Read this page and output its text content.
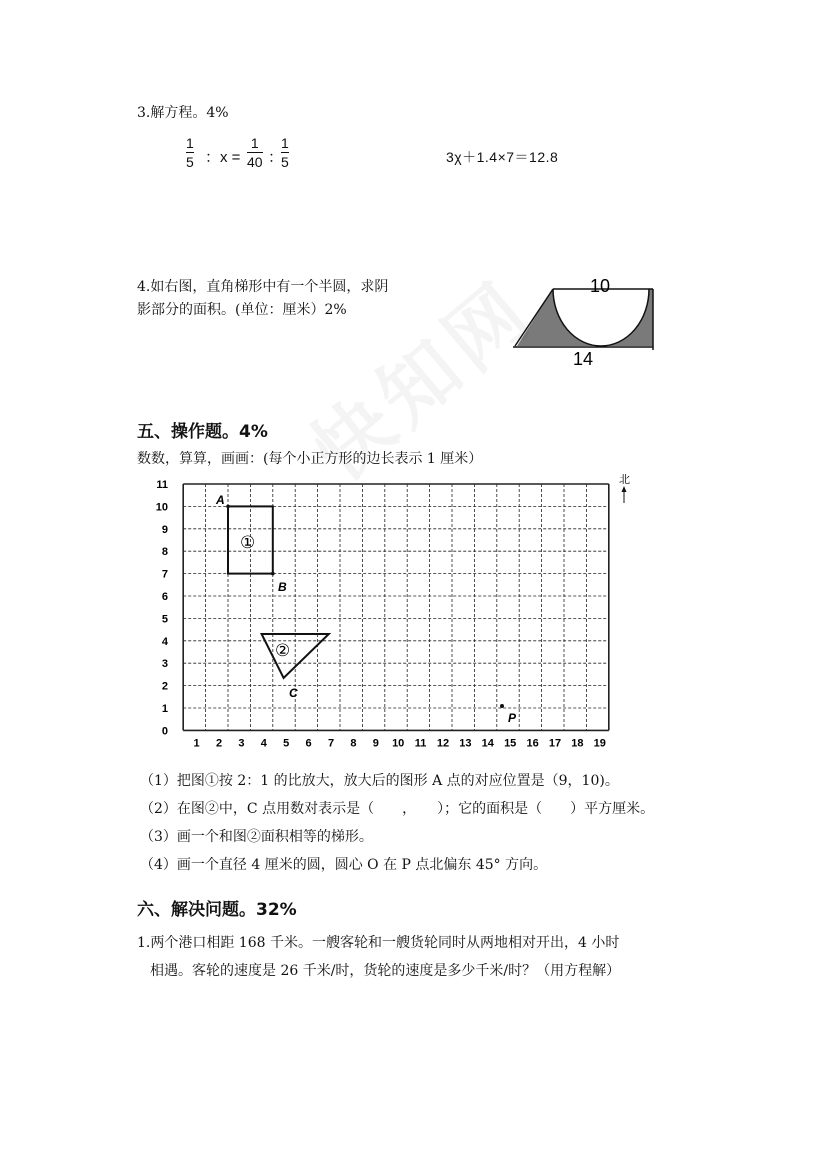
3.解方程。4%
1
5 ：x =
1
40 ：
1
5	3χ＋1.4×7＝12.8
4.如右图，直角梯形中有一个半圆，求阴
影部分的面积。(单位：厘米）2%
10
14
五、操作题。4%
数数，算算，画画：(每个小正方形的边长表示 1 厘米）
0
1
2
3
4
5
6
7
8
9
10
11
1 2 3 4 5 6 7 8 9 10 11 12 13 14 15 16 17 18 19
A
B
①
②
C
P
北
（1）把图①按 2：1 的比放大，放大后的图形 A 点的对应位置是（9，10)。
（2）在图②中，C 点用数对表示是（　　，　　）；它的面积是（　　）平方厘米。
（3）画一个和图②面积相等的梯形。
（4）画一个直径 4 厘米的圆，圆心 O 在 P 点北偏东 45° 方向。
六、解决问题。32%
1.两个港口相距 168 千米。一艘客轮和一艘货轮同时从两地相对开出，4 小时
相遇。客轮的速度是 26 千米/时，货轮的速度是多少千米/时？（用方程解）
